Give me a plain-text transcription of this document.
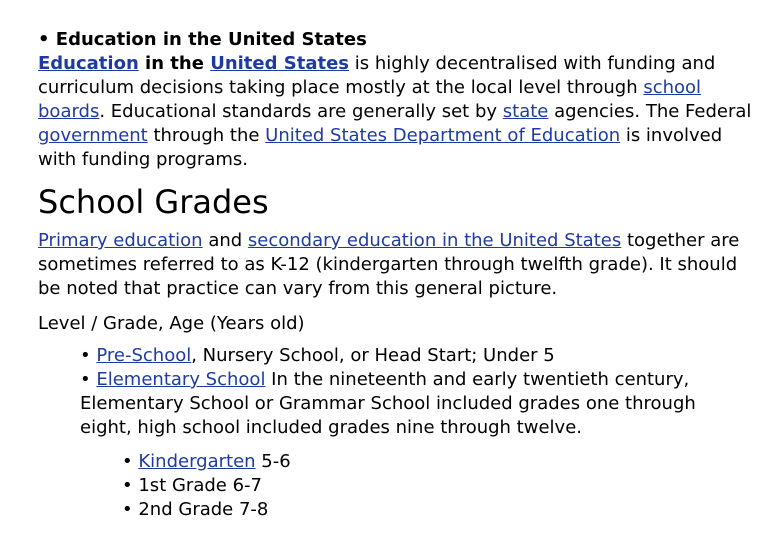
• Education in the United States
Education in the United States is highly decentralised with funding and curriculum decisions taking place mostly at the local level through school boards. Educational standards are generally set by state agencies. The Federal government through the United States Department of Education is involved with funding programs.
School Grades
Primary education and secondary education in the United States together are sometimes referred to as K-12 (kindergarten through twelfth grade). It should be noted that practice can vary from this general picture.
Level / Grade, Age (Years old)
• Pre-School, Nursery School, or Head Start; Under 5
• Elementary School In the nineteenth and early twentieth century, Elementary School or Grammar School included grades one through eight, high school included grades nine through twelve.
• Kindergarten 5-6
• 1st Grade 6-7
• 2nd Grade 7-8
